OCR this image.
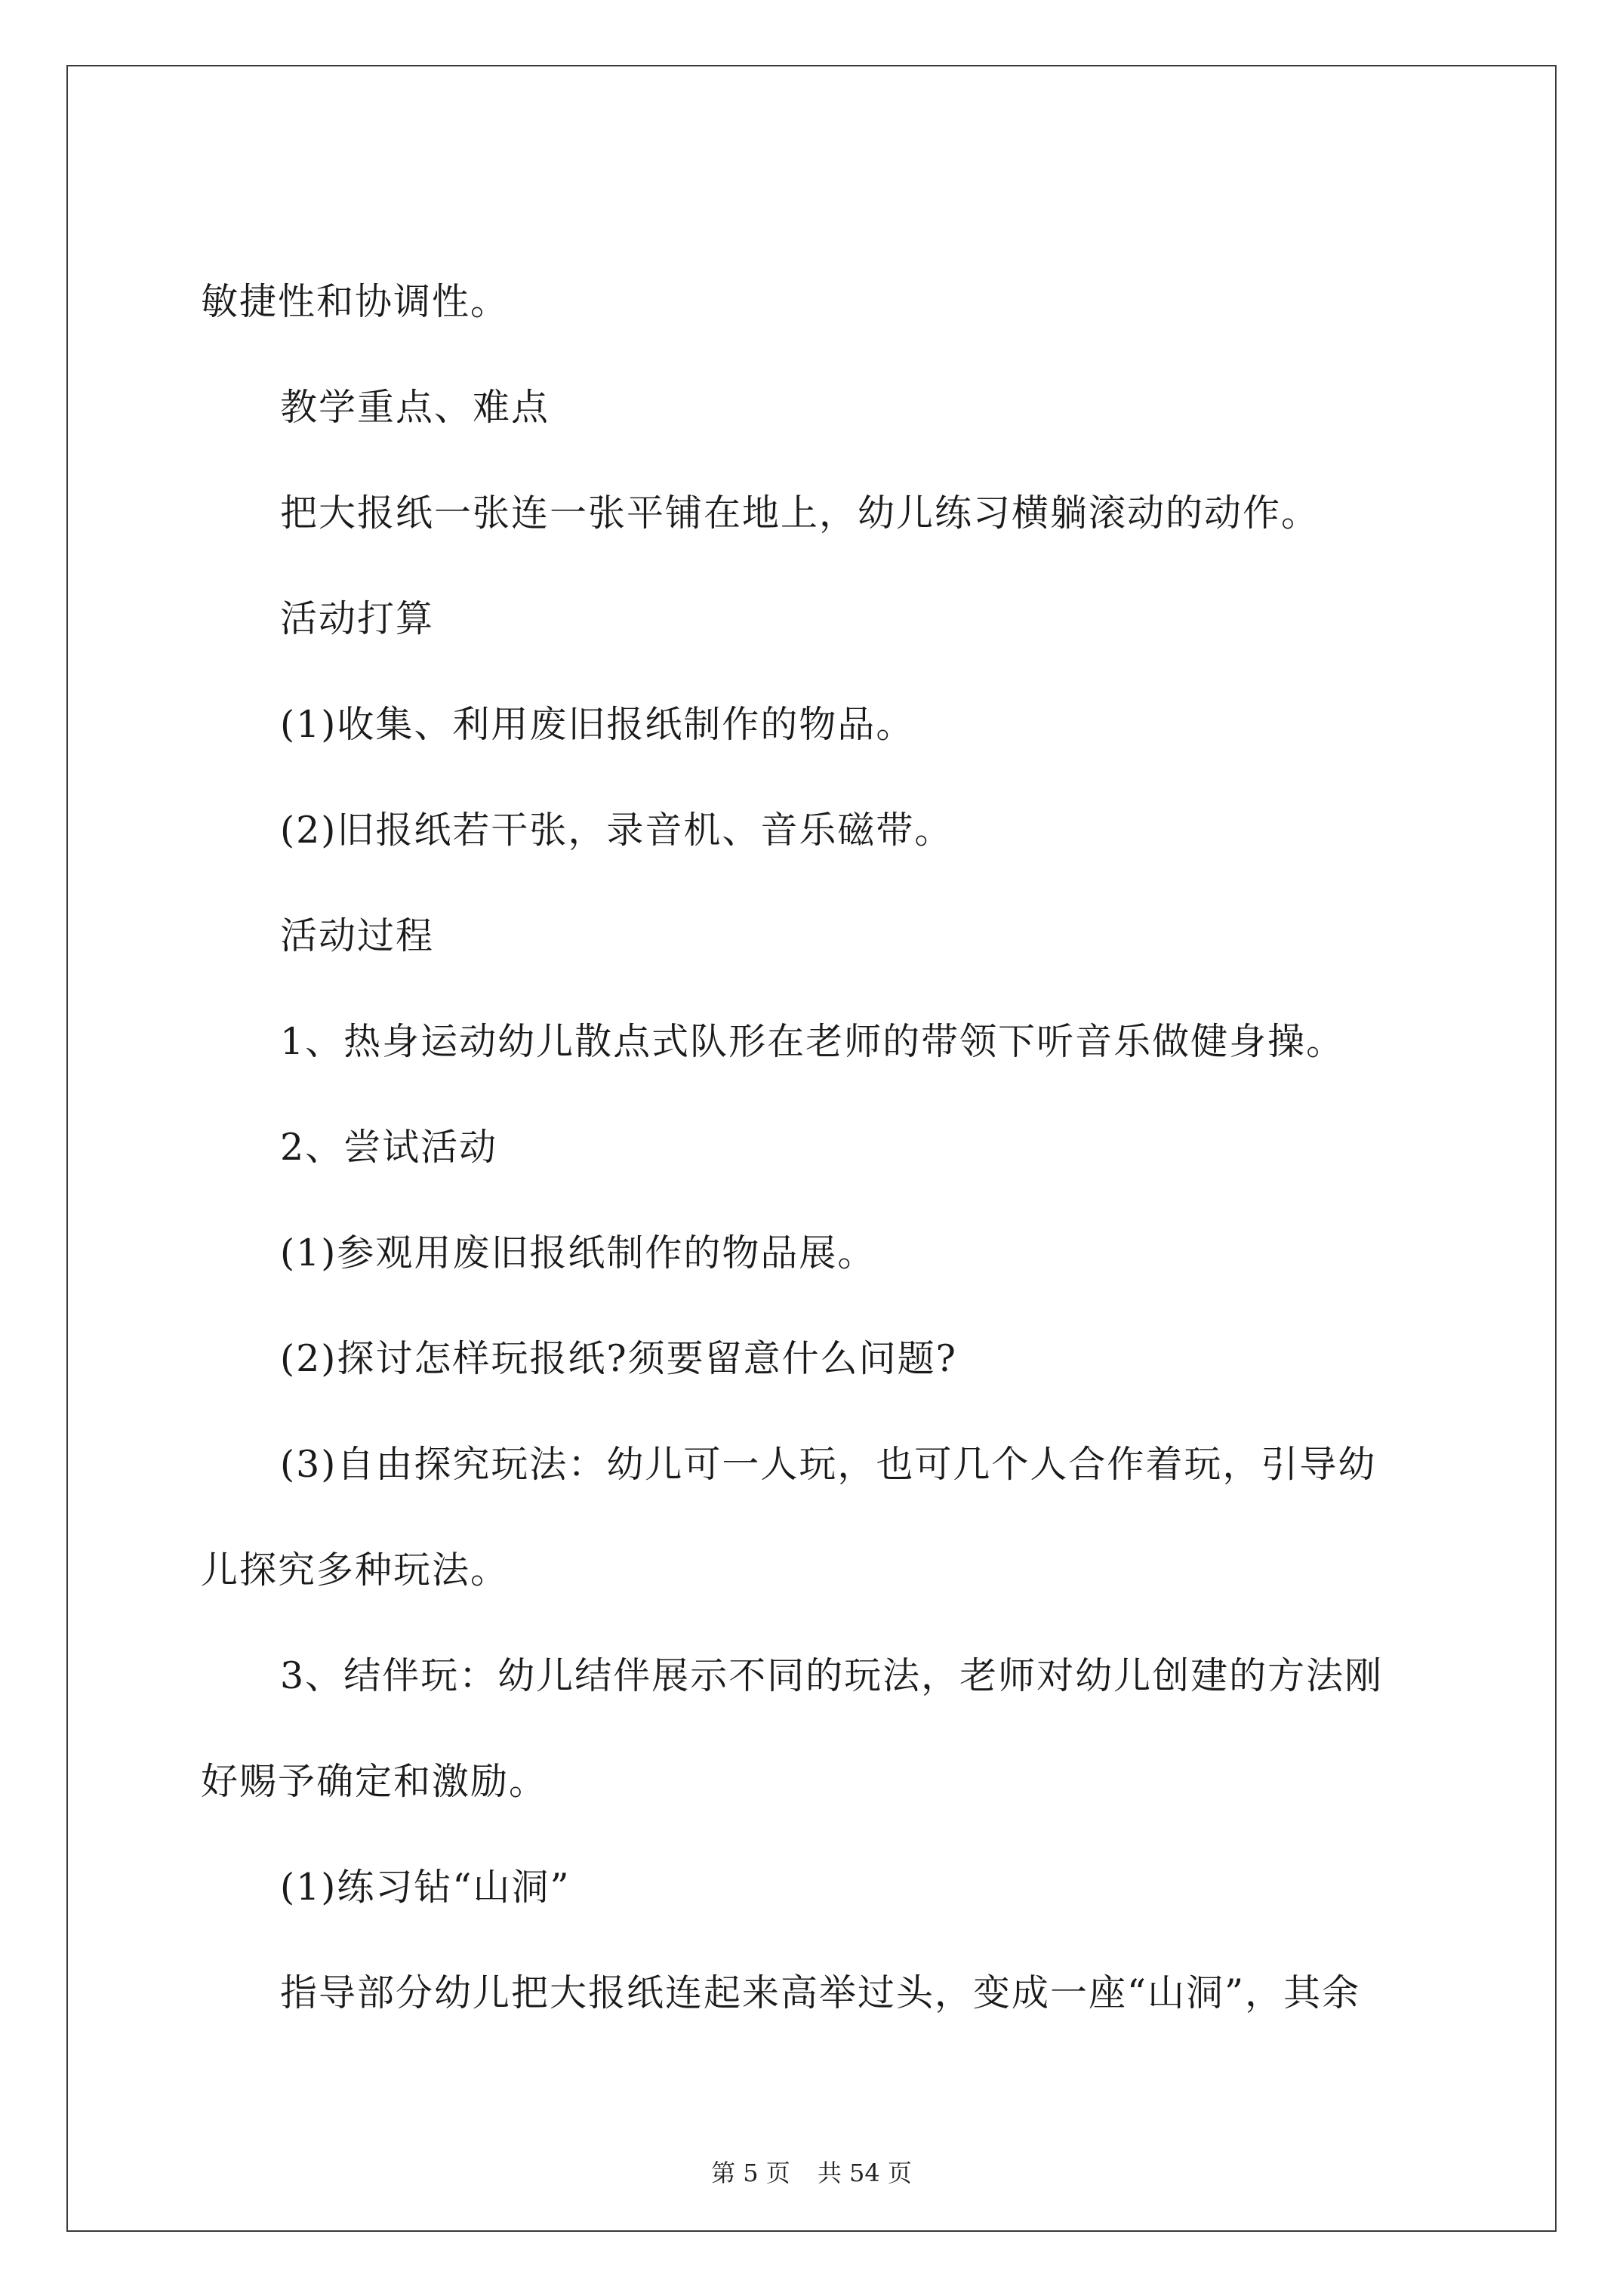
敏捷性和协调性。
教学重点、难点
把大报纸一张连一张平铺在地上，幼儿练习横躺滚动的动作。
活动打算
(1)收集、利用废旧报纸制作的物品。
(2)旧报纸若干张，录音机、音乐磁带。
活动过程
1、热身运动幼儿散点式队形在老师的带领下听音乐做健身操。
2、尝试活动
(1)参观用废旧报纸制作的物品展。
(2)探讨怎样玩报纸?须要留意什么问题?
(3)自由探究玩法：幼儿可一人玩，也可几个人合作着玩，引导幼
儿探究多种玩法。
3、结伴玩：幼儿结伴展示不同的玩法，老师对幼儿创建的方法刚
好赐予确定和激励。
(1)练习钻“山洞”
指导部分幼儿把大报纸连起来高举过头，变成一座“山洞”，其余
第 5 页 共 54 页
